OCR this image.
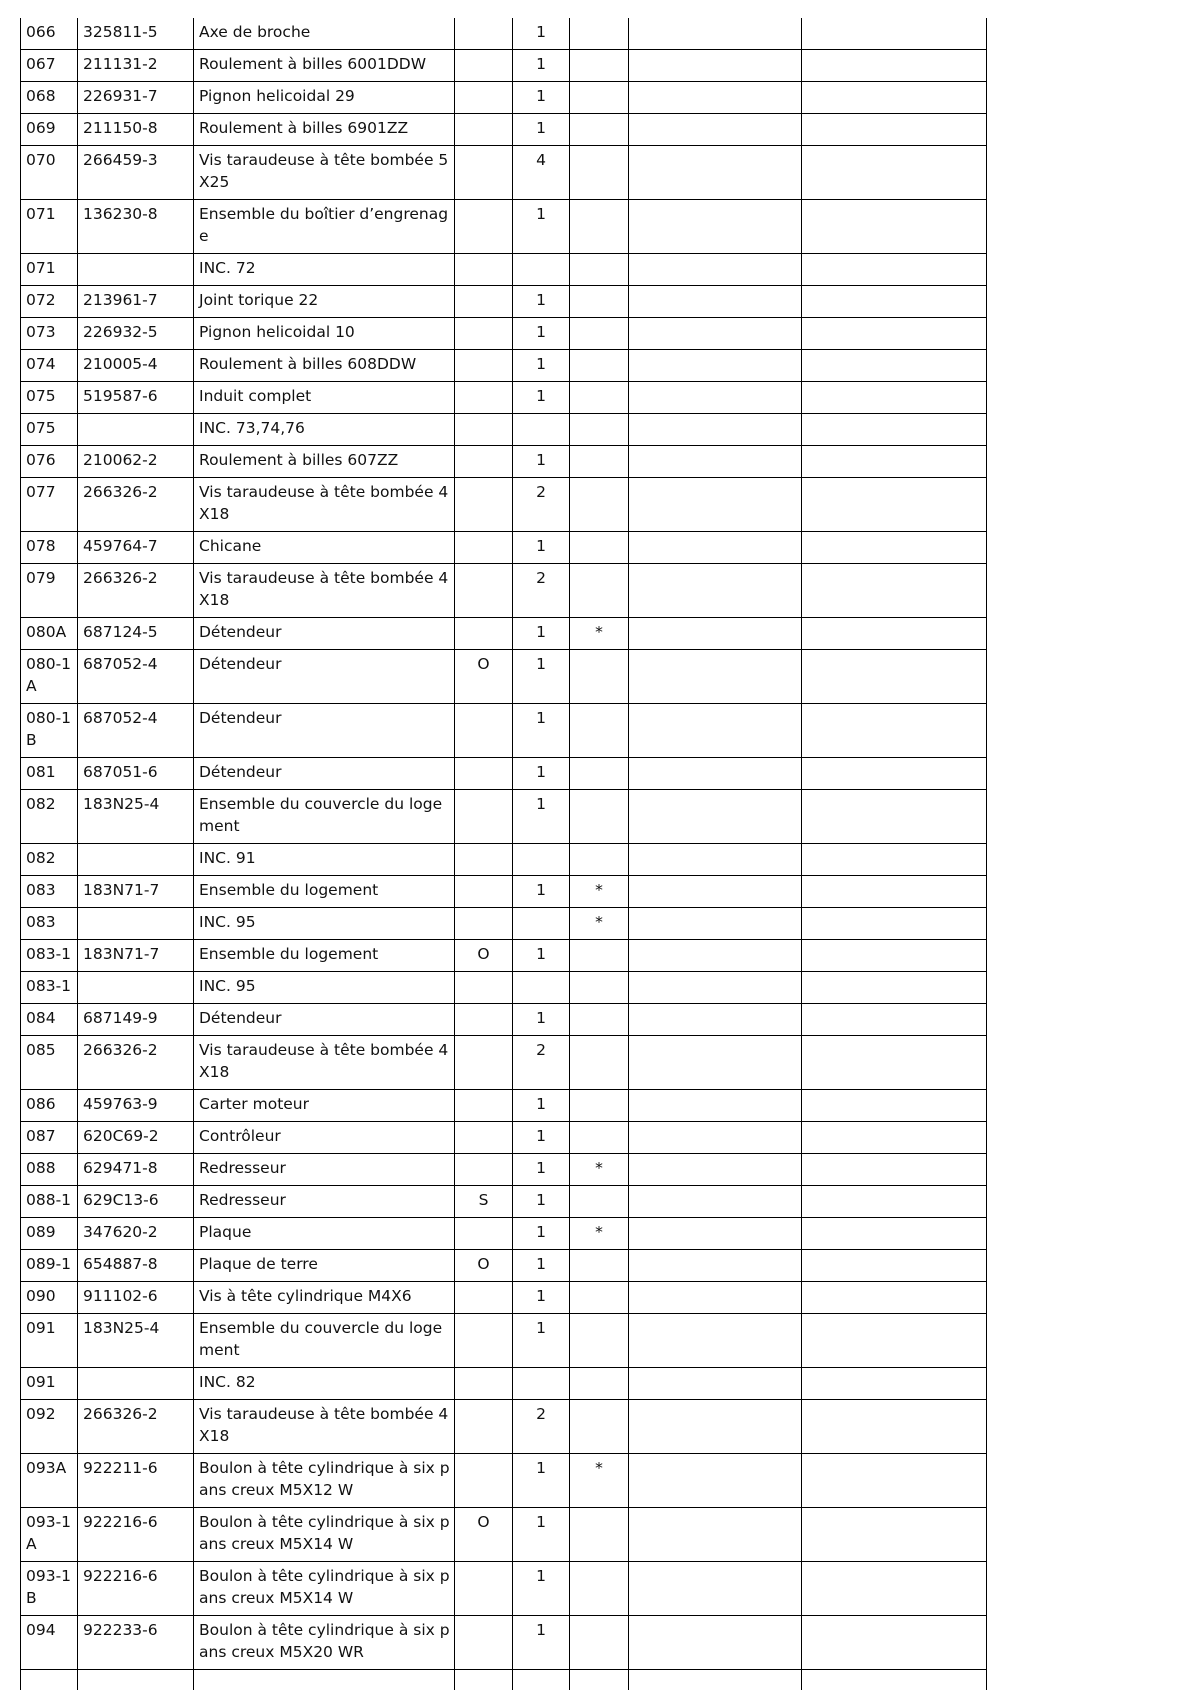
066	325811-5	Axe de broche		1			
067	211131-2	Roulement à billes 6001DDW		1			
068	226931-7	Pignon helicoidal 29		1			
069	211150-8	Roulement à billes 6901ZZ		1			
070	266459-3	Vis taraudeuse à tête bombée 5X25		4			
071	136230-8	Ensemble du boîtier d’engrenage		1			
071		INC. 72					
072	213961-7	Joint torique 22		1			
073	226932-5	Pignon helicoidal 10		1			
074	210005-4	Roulement à billes 608DDW		1			
075	519587-6	Induit complet		1			
075		INC. 73,74,76					
076	210062-2	Roulement à billes 607ZZ		1			
077	266326-2	Vis taraudeuse à tête bombée 4X18		2			
078	459764-7	Chicane		1			
079	266326-2	Vis taraudeuse à tête bombée 4X18		2			
080A	687124-5	Détendeur		1	*		
080-1A	687052-4	Détendeur	O	1			
080-1B	687052-4	Détendeur		1			
081	687051-6	Détendeur		1			
082	183N25-4	Ensemble du couvercle du logement		1			
082		INC. 91					
083	183N71-7	Ensemble du logement		1	*		
083		INC. 95			*		
083-1	183N71-7	Ensemble du logement	O	1			
083-1		INC. 95					
084	687149-9	Détendeur		1			
085	266326-2	Vis taraudeuse à tête bombée 4X18		2			
086	459763-9	Carter moteur		1			
087	620C69-2	Contrôleur		1			
088	629471-8	Redresseur		1	*		
088-1	629C13-6	Redresseur	S	1			
089	347620-2	Plaque		1	*		
089-1	654887-8	Plaque de terre	O	1			
090	911102-6	Vis à tête cylindrique M4X6		1			
091	183N25-4	Ensemble du couvercle du logement		1			
091		INC. 82					
092	266326-2	Vis taraudeuse à tête bombée 4X18		2			
093A	922211-6	Boulon à tête cylindrique à six pans creux M5X12 W		1	*		
093-1A	922216-6	Boulon à tête cylindrique à six pans creux M5X14 W	O	1			
093-1B	922216-6	Boulon à tête cylindrique à six pans creux M5X14 W		1			
094	922233-6	Boulon à tête cylindrique à six pans creux M5X20 WR		1			
